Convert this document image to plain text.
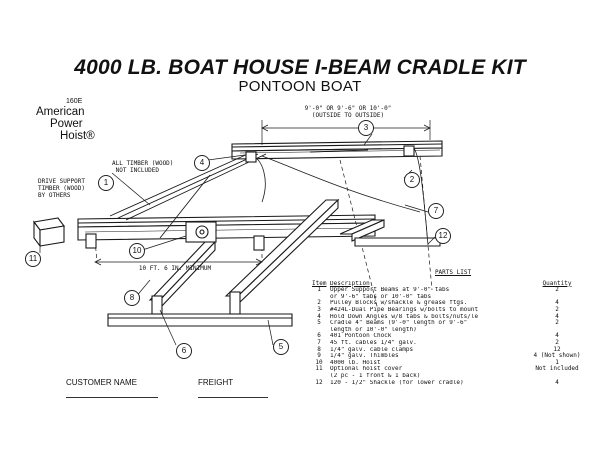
4000 LB. BOAT HOUSE I-BEAM CRADLE KIT
PONTOON BOAT
160E
American
Power
Hoist®
1	2
3
4
5
6
7
8
10
11
12
ALL TIMBER (WOOD)
NOT INCLUDED
DRIVE SUPPORT
TIMBER (WOOD)
BY OTHERS
9'-0" OR 9'-6" OR 10'-0"
(OUTSIDE TO OUTSIDE)
10 FT. 6 IN. MINIMUM
PARTS LIST
Item Description	Quantity
1	Upper Support Beams at 9'-0" tabs	2
or 9'-6" tabs or 10'-0" tabs
2	Pulley Blocks w/shackle & grease ftgs.	4
3	#424L-Dual Pipe Bearings w/bolts to mount	2
4	Hold Down Angles w/8 tabs & bolts/nuts/le	4
5	Cradle 4" Beams (9'-0" length or 9'-6"	2
length or 10'-0" length)
6	401 Pontoon Chock	4
7	45 ft. cables 1/4" galv.	2
8	1/4" galv. cable clamps	12
9	1/4" galv. Thimbles	4 (Not shown)
10	4000 lb. Hoist	1
11	Optional hoist cover	Not included
(2 pc - 1 front & 1 back)
12	120 - 1/2" Shackle (for lower cradle)	4
CUSTOMER NAME	FREIGHT
